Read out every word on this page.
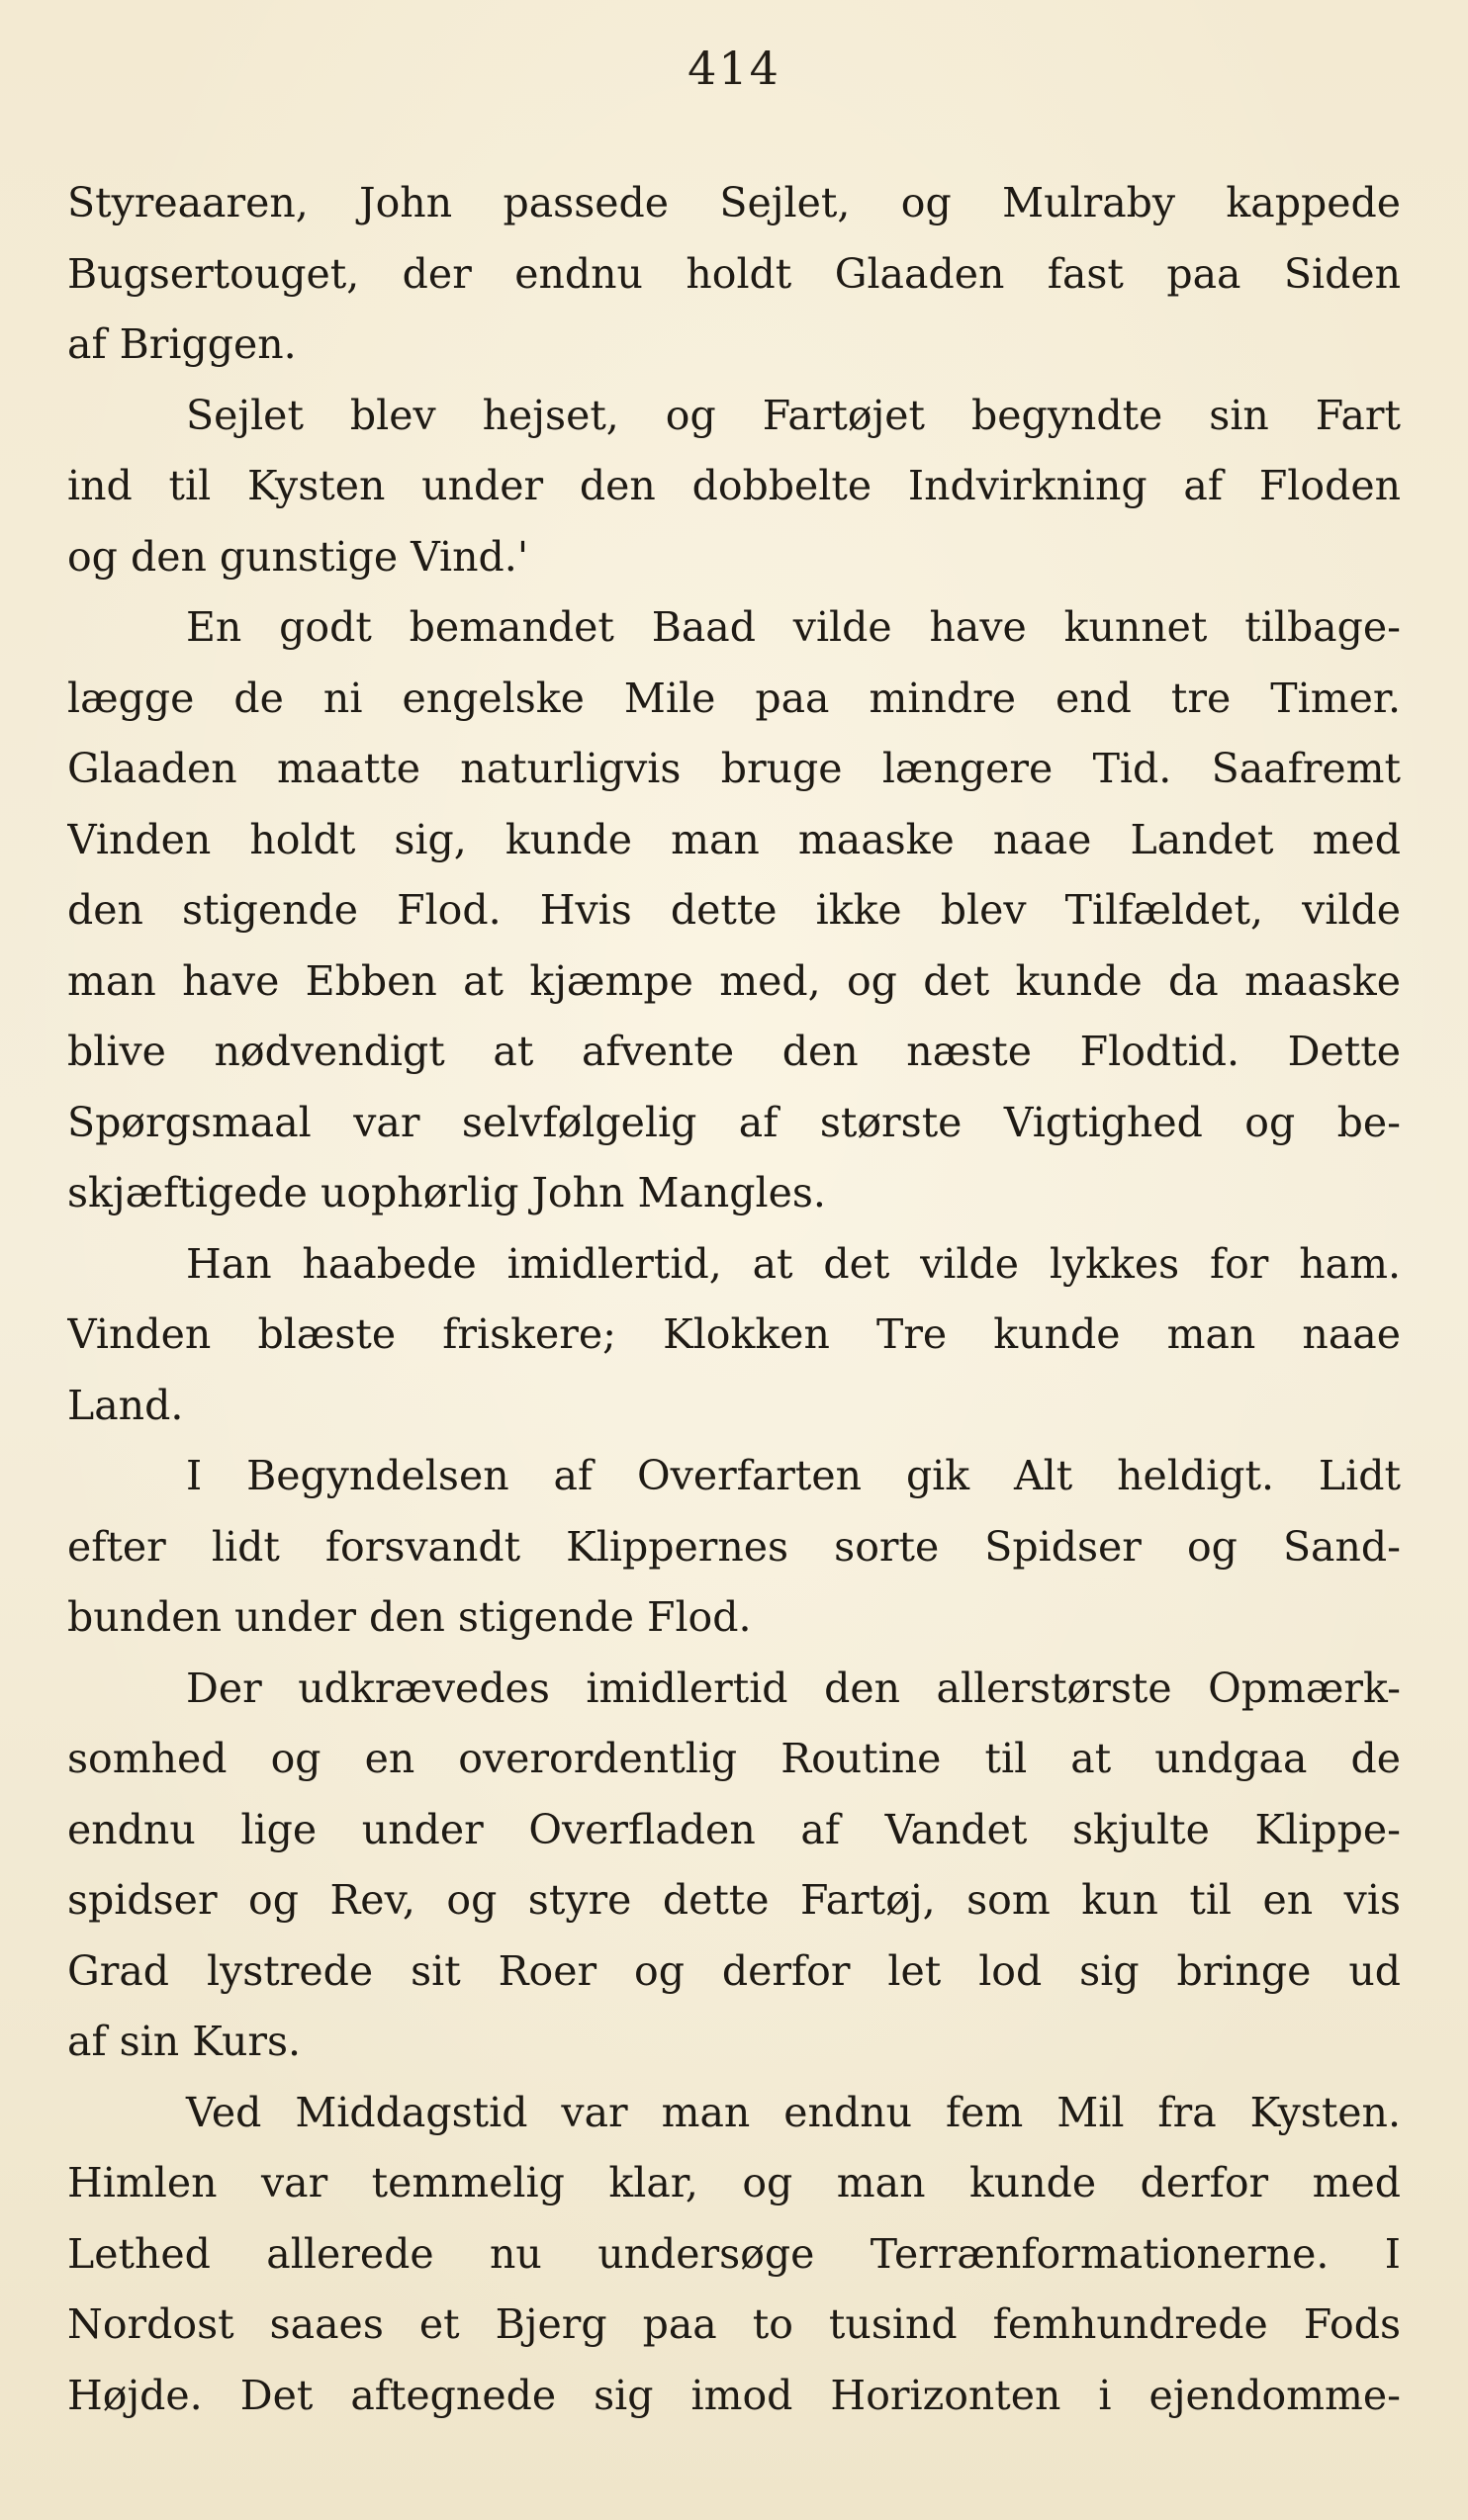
414
Styreaaren, John passede Sejlet, og Mulraby kappede
Bugsertouget, der endnu holdt Glaaden fast paa Siden
af Briggen.
Sejlet blev hejset, og Fartøjet begyndte sin Fart
ind til Kysten under den dobbelte Indvirkning af Floden
og den gunstige Vind.'
En godt bemandet Baad vilde have kunnet tilbage-
lægge de ni engelske Mile paa mindre end tre Timer.
Glaaden maatte naturligvis bruge længere Tid. Saafremt
Vinden holdt sig, kunde man maaske naae Landet med
den stigende Flod. Hvis dette ikke blev Tilfældet, vilde
man have Ebben at kjæmpe med, og det kunde da maaske
blive nødvendigt at afvente den næste Flodtid. Dette
Spørgsmaal var selvfølgelig af største Vigtighed og be-
skjæftigede uophørlig John Mangles.
Han haabede imidlertid, at det vilde lykkes for ham.
Vinden blæste friskere; Klokken Tre kunde man naae
Land.
I Begyndelsen af Overfarten gik Alt heldigt. Lidt
efter lidt forsvandt Klippernes sorte Spidser og Sand-
bunden under den stigende Flod.
Der udkrævedes imidlertid den allerstørste Opmærk-
somhed og en overordentlig Routine til at undgaa de
endnu lige under Overfladen af Vandet skjulte Klippe-
spidser og Rev, og styre dette Fartøj, som kun til en vis
Grad lystrede sit Roer og derfor let lod sig bringe ud
af sin Kurs.
Ved Middagstid var man endnu fem Mil fra Kysten.
Himlen var temmelig klar, og man kunde derfor med
Lethed allerede nu undersøge Terrænformationerne. I
Nordost saaes et Bjerg paa to tusind femhundrede Fods
Højde. Det aftegnede sig imod Horizonten i ejendomme-
